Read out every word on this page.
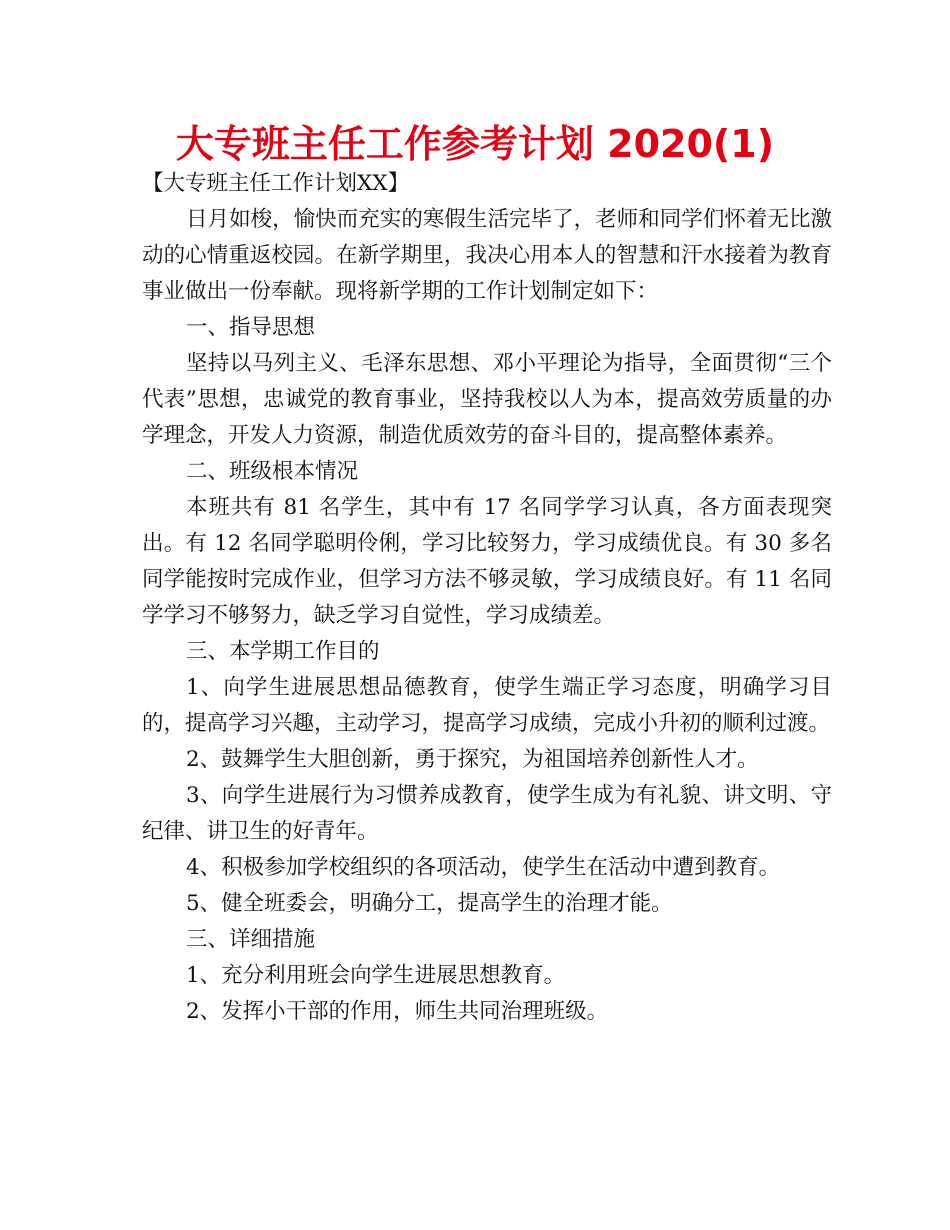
大专班主任工作参考计划 2020(1)

【大专班主任工作计划XX】

日月如梭，愉快而充实的寒假生活完毕了，老师和同学们怀着无比激动的心情重返校园。在新学期里，我决心用本人的智慧和汗水接着为教育事业做出一份奉献。现将新学期的工作计划制定如下：

一、指导思想

坚持以马列主义、毛泽东思想、邓小平理论为指导，全面贯彻“三个代表”思想，忠诚党的教育事业，坚持我校以人为本，提高效劳质量的办学理念，开发人力资源，制造优质效劳的奋斗目的，提高整体素养。

二、班级根本情况

本班共有 81 名学生，其中有 17 名同学学习认真，各方面表现突出。有 12 名同学聪明伶俐，学习比较努力，学习成绩优良。有 30 多名同学能按时完成作业，但学习方法不够灵敏，学习成绩良好。有 11 名同学学习不够努力，缺乏学习自觉性，学习成绩差。

三、本学期工作目的

1、向学生进展思想品德教育，使学生端正学习态度，明确学习目的，提高学习兴趣，主动学习，提高学习成绩，完成小升初的顺利过渡。

2、鼓舞学生大胆创新，勇于探究，为祖国培养创新性人才。

3、向学生进展行为习惯养成教育，使学生成为有礼貌、讲文明、守纪律、讲卫生的好青年。

4、积极参加学校组织的各项活动，使学生在活动中遭到教育。

5、健全班委会，明确分工，提高学生的治理才能。

三、详细措施

1、充分利用班会向学生进展思想教育。

2、发挥小干部的作用，师生共同治理班级。
